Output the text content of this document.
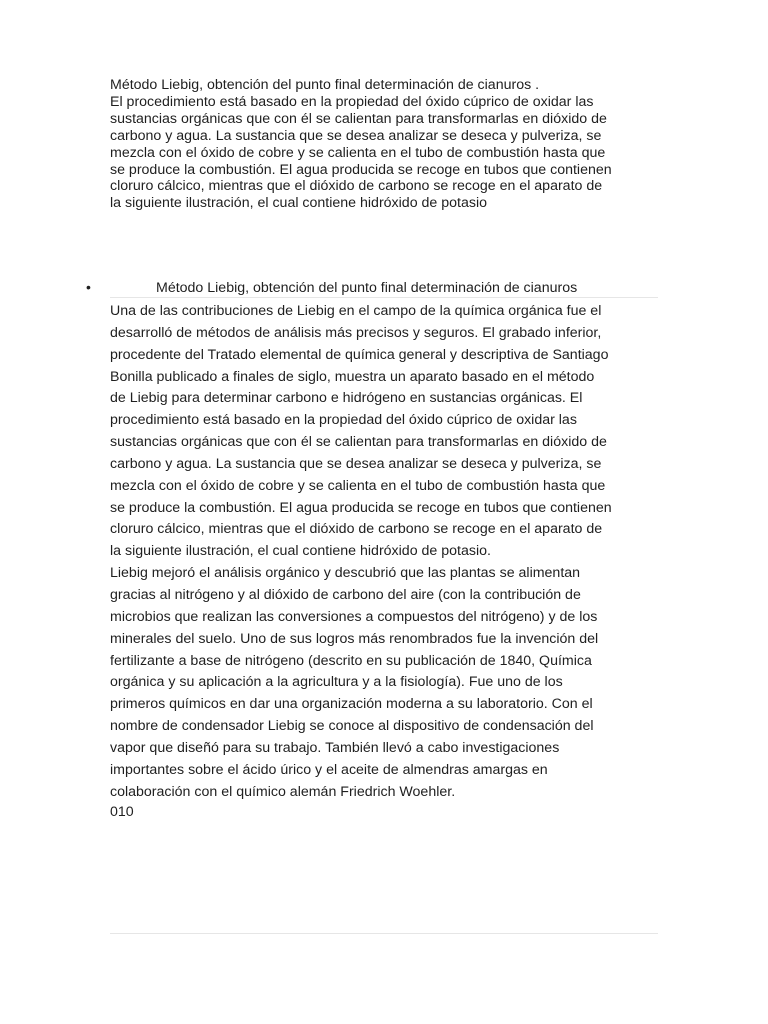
Método Liebig, obtención del punto final determinación de cianuros .

El procedimiento está basado en la propiedad del óxido cúprico de oxidar las

sustancias orgánicas que con él se calientan para transformarlas en dióxido de

carbono y agua. La sustancia que se desea analizar se deseca y pulveriza, se

mezcla con el óxido de cobre y se calienta en el tubo de combustión hasta que

se produce la combustión. El agua producida se recoge en tubos que contienen

cloruro cálcico, mientras que el dióxido de carbono se recoge en el aparato de

la siguiente ilustración, el cual contiene hidróxido de potasio

•	Método Liebig, obtención del punto final determinación de cianuros

Una de las contribuciones de Liebig en el campo de la química orgánica fue el

desarrolló de métodos de análisis más precisos y seguros. El grabado inferior,

procedente del Tratado elemental de química general y descriptiva de Santiago

Bonilla publicado a finales de siglo, muestra un aparato basado en el método

de Liebig para determinar carbono e hidrógeno en sustancias orgánicas. El

procedimiento está basado en la propiedad del óxido cúprico de oxidar las

sustancias orgánicas que con él se calientan para transformarlas en dióxido de

carbono y agua. La sustancia que se desea analizar se deseca y pulveriza, se

mezcla con el óxido de cobre y se calienta en el tubo de combustión hasta que

se produce la combustión. El agua producida se recoge en tubos que contienen

cloruro cálcico, mientras que el dióxido de carbono se recoge en el aparato de

la siguiente ilustración, el cual contiene hidróxido de potasio.

Liebig mejoró el análisis orgánico y descubrió que las plantas se alimentan

gracias al nitrógeno y al dióxido de carbono del aire (con la contribución de

microbios que realizan las conversiones a compuestos del nitrógeno) y de los

minerales del suelo. Uno de sus logros más renombrados fue la invención del

fertilizante a base de nitrógeno (descrito en su publicación de 1840, Química

orgánica y su aplicación a la agricultura y a la fisiología). Fue uno de los

primeros químicos en dar una organización moderna a su laboratorio. Con el

nombre de condensador Liebig se conoce al dispositivo de condensación del

vapor que diseñó para su trabajo. También llevó a cabo investigaciones

importantes sobre el ácido úrico y el aceite de almendras amargas en

colaboración con el químico alemán Friedrich Woehler.

010
